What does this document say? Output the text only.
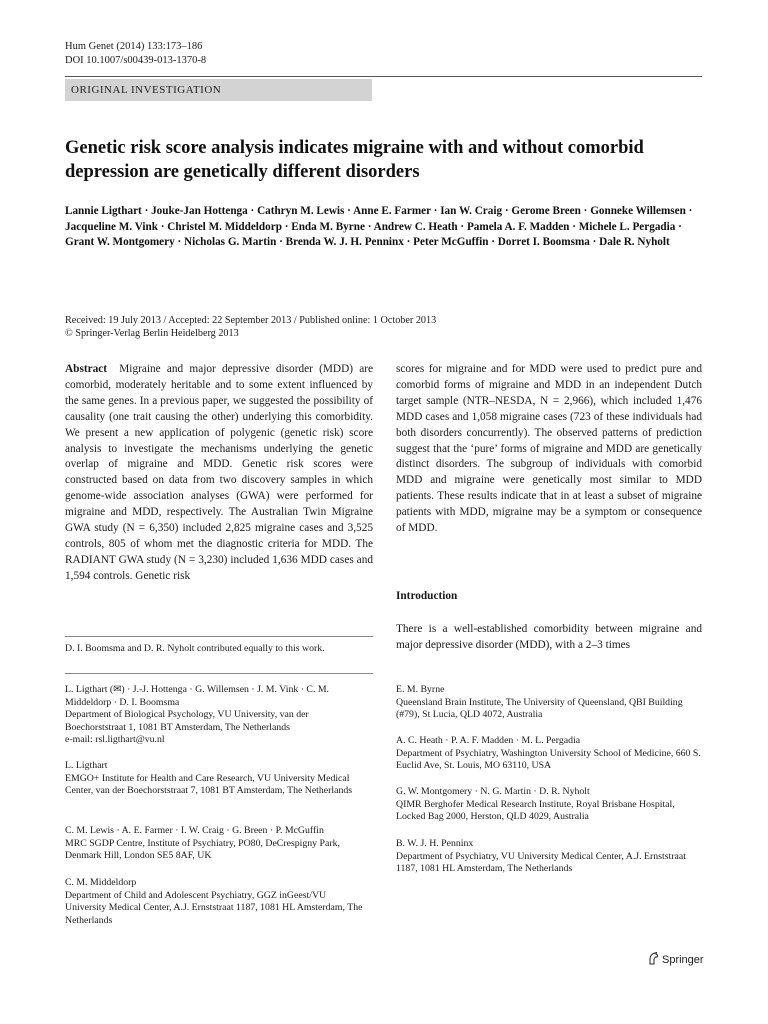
Hum Genet (2014) 133:173–186
DOI 10.1007/s00439-013-1370-8
ORIGINAL INVESTIGATION
Genetic risk score analysis indicates migraine with and without comorbid depression are genetically different disorders
Lannie Ligthart · Jouke-Jan Hottenga · Cathryn M. Lewis · Anne E. Farmer · Ian W. Craig · Gerome Breen · Gonneke Willemsen · Jacqueline M. Vink · Christel M. Middeldorp · Enda M. Byrne · Andrew C. Heath · Pamela A. F. Madden · Michele L. Pergadia · Grant W. Montgomery · Nicholas G. Martin · Brenda W. J. H. Penninx · Peter McGuffin · Dorret I. Boomsma · Dale R. Nyholt
Received: 19 July 2013 / Accepted: 22 September 2013 / Published online: 1 October 2013
© Springer-Verlag Berlin Heidelberg 2013
Abstract Migraine and major depressive disorder (MDD) are comorbid, moderately heritable and to some extent influenced by the same genes. In a previous paper, we suggested the possibility of causality (one trait causing the other) underlying this comorbidity. We present a new application of polygenic (genetic risk) score analysis to investigate the mechanisms underlying the genetic overlap of migraine and MDD. Genetic risk scores were constructed based on data from two discovery samples in which genome-wide association analyses (GWA) were performed for migraine and MDD, respectively. The Australian Twin Migraine GWA study (N = 6,350) included 2,825 migraine cases and 3,525 controls, 805 of whom met the diagnostic criteria for MDD. The RADIANT GWA study (N = 3,230) included 1,636 MDD cases and 1,594 controls. Genetic risk
scores for migraine and for MDD were used to predict pure and comorbid forms of migraine and MDD in an independent Dutch target sample (NTR–NESDA, N = 2,966), which included 1,476 MDD cases and 1,058 migraine cases (723 of these individuals had both disorders concurrently). The observed patterns of prediction suggest that the ‘pure’ forms of migraine and MDD are genetically distinct disorders. The subgroup of individuals with comorbid MDD and migraine were genetically most similar to MDD patients. These results indicate that in at least a subset of migraine patients with MDD, migraine may be a symptom or consequence of MDD.
Introduction
There is a well-established comorbidity between migraine and major depressive disorder (MDD), with a 2–3 times
D. I. Boomsma and D. R. Nyholt contributed equally to this work.
L. Ligthart (✉) · J.-J. Hottenga · G. Willemsen · J. M. Vink · C. M. Middeldorp · D. I. Boomsma
Department of Biological Psychology, VU University, van der Boechorststraat 1, 1081 BT Amsterdam, The Netherlands
e-mail: rsl.ligthart@vu.nl
L. Ligthart
EMGO+ Institute for Health and Care Research, VU University Medical Center, van der Boechorststraat 7, 1081 BT Amsterdam, The Netherlands
C. M. Lewis · A. E. Farmer · I. W. Craig · G. Breen · P. McGuffin
MRC SGDP Centre, Institute of Psychiatry, PO80, DeCrespigny Park, Denmark Hill, London SE5 8AF, UK
C. M. Middeldorp
Department of Child and Adolescent Psychiatry, GGZ inGeest/VU University Medical Center, A.J. Ernststraat 1187, 1081 HL Amsterdam, The Netherlands
E. M. Byrne
Queensland Brain Institute, The University of Queensland, QBI Building (#79), St Lucia, QLD 4072, Australia
A. C. Heath · P. A. F. Madden · M. L. Pergadia
Department of Psychiatry, Washington University School of Medicine, 660 S. Euclid Ave, St. Louis, MO 63110, USA
G. W. Montgomery · N. G. Martin · D. R. Nyholt
QIMR Berghofer Medical Research Institute, Royal Brisbane Hospital, Locked Bag 2000, Herston, QLD 4029, Australia
B. W. J. H. Penninx
Department of Psychiatry, VU University Medical Center, A.J. Ernststraat 1187, 1081 HL Amsterdam, The Netherlands
Springer
